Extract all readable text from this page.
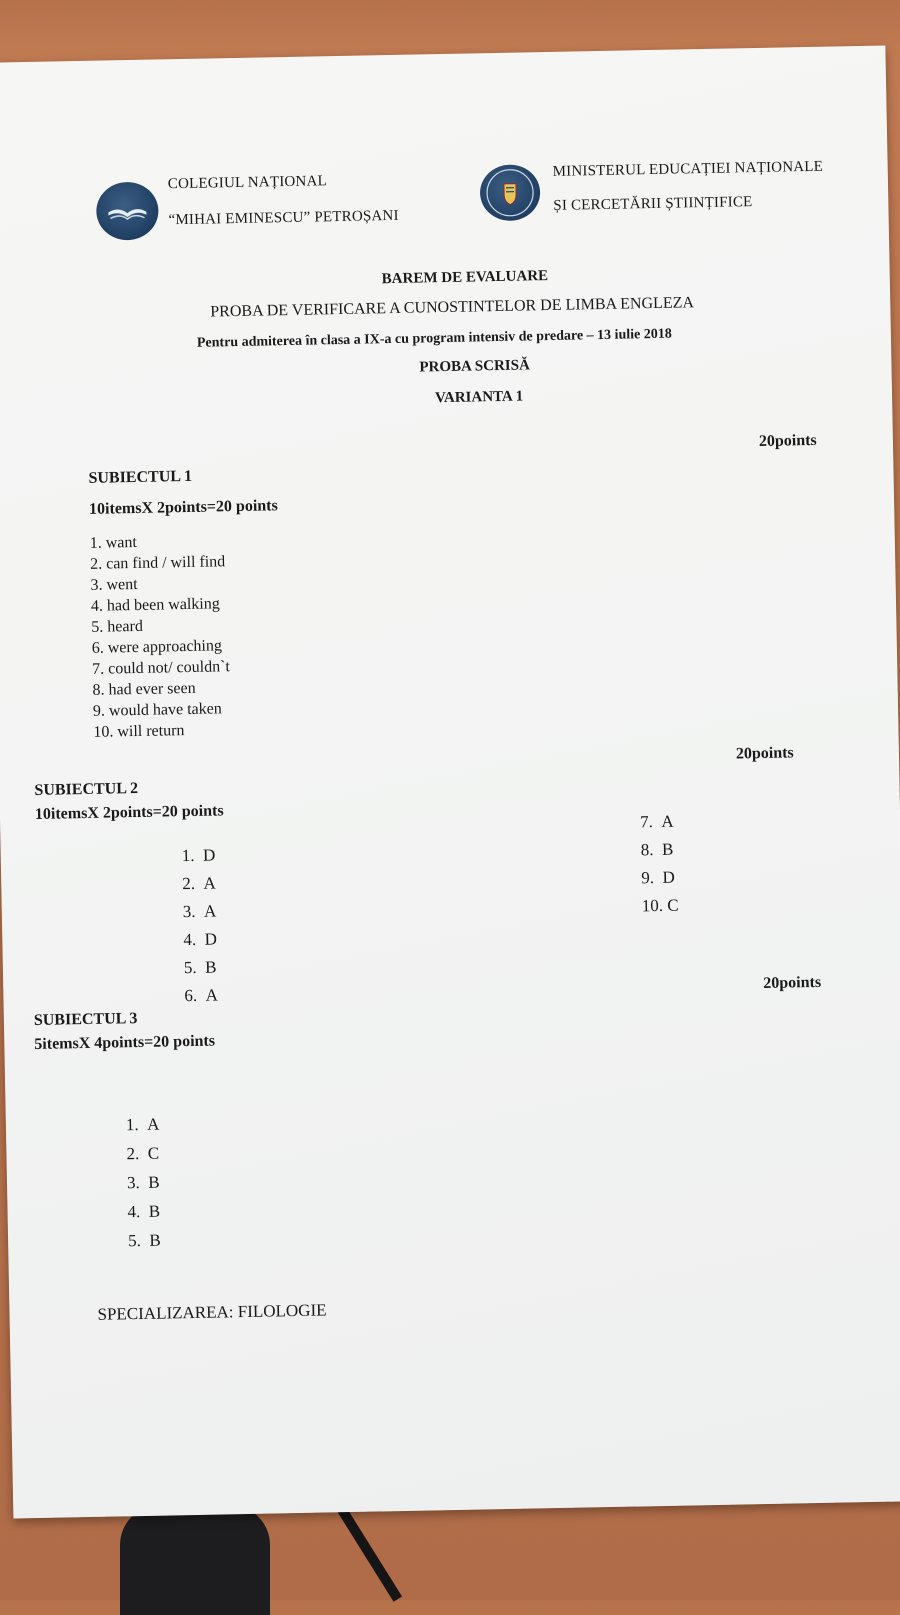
COLEGIUL NAȚIONAL
“MIHAI EMINESCU” PETROȘANI
MINISTERUL EDUCAȚIEI NAȚIONALE
ȘI CERCETĂRII ȘTIINȚIFICE
BAREM DE EVALUARE
PROBA DE VERIFICARE A CUNOSTINTELOR DE LIMBA ENGLEZA
Pentru admiterea în clasa a IX-a cu program intensiv de predare – 13 iulie 2018
PROBA SCRISĂ
VARIANTA 1
20points
SUBIECTUL 1
10itemsX 2points=20 points
1. want
2. can find / will find
3. went
4. had been walking
5. heard
6. were approaching
7. could not/ couldn`t
8. had ever seen
9. would have taken
10. will return
20points
SUBIECTUL 2
10itemsX 2points=20 points
1. D
2. A
3. A
4. D
5. B
6. A
7. A
8. B
9. D
10. C
20points
SUBIECTUL 3
5itemsX 4points=20 points
1. A
2. C
3. B
4. B
5. B
SPECIALIZAREA: FILOLOGIE
